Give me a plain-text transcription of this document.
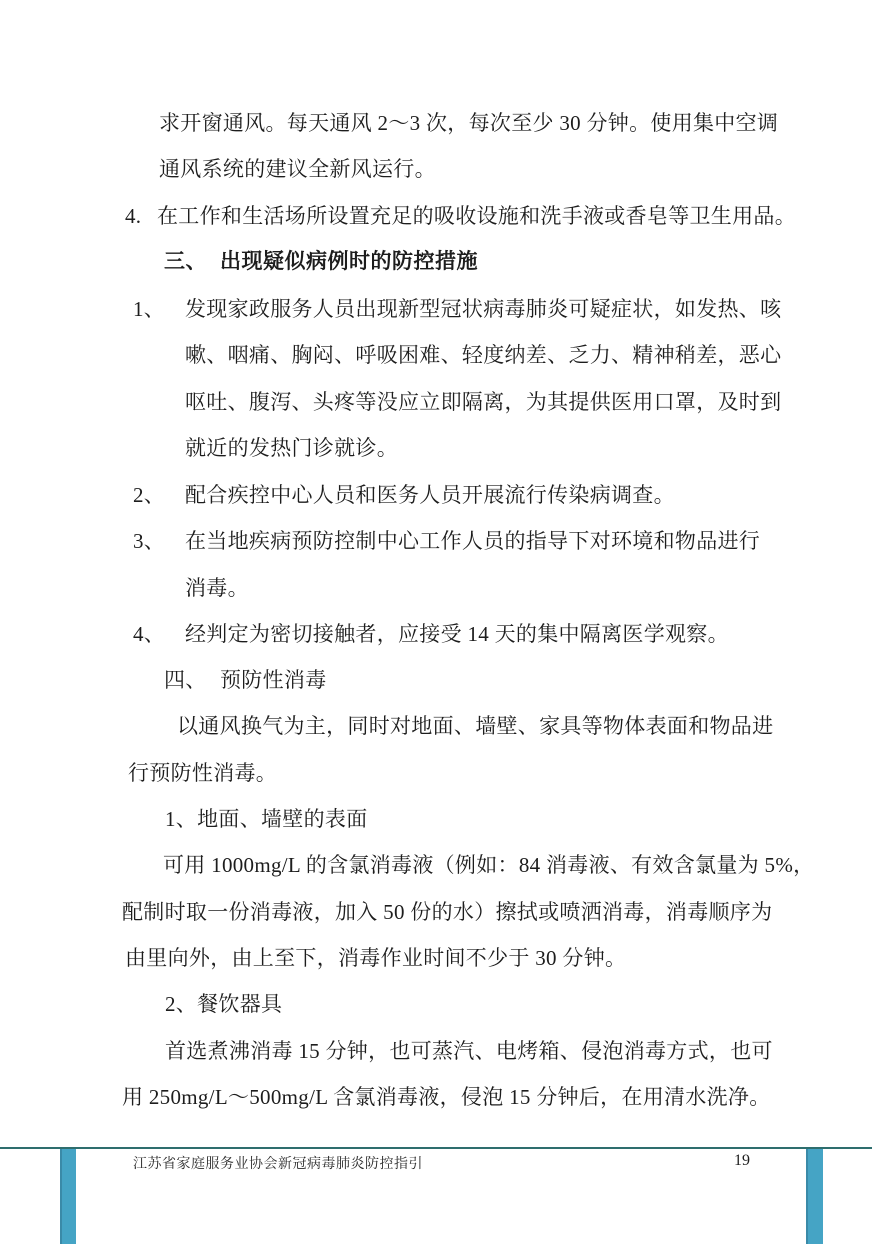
求开窗通风。每天通风 2～3 次，每次至少 30 分钟。使用集中空调
通风系统的建议全新风运行。
4. 在工作和生活场所设置充足的吸收设施和洗手液或香皂等卫生用品。
三、 出现疑似病例时的防控措施
1、 发现家政服务人员出现新型冠状病毒肺炎可疑症状，如发热、咳
嗽、咽痛、胸闷、呼吸困难、轻度纳差、乏力、精神稍差，恶心
呕吐、腹泻、头疼等没应立即隔离，为其提供医用口罩，及时到
就近的发热门诊就诊。
2、 配合疾控中心人员和医务人员开展流行传染病调查。
3、 在当地疾病预防控制中心工作人员的指导下对环境和物品进行
消毒。
4、 经判定为密切接触者，应接受 14 天的集中隔离医学观察。
四、 预防性消毒
以通风换气为主，同时对地面、墙壁、家具等物体表面和物品进
行预防性消毒。
1、地面、墙壁的表面
可用 1000mg/L 的含氯消毒液（例如：84 消毒液、有效含氯量为 5%，
配制时取一份消毒液，加入 50 份的水）擦拭或喷洒消毒，消毒顺序为
由里向外，由上至下，消毒作业时间不少于 30 分钟。
2、餐饮器具
首选煮沸消毒 15 分钟，也可蒸汽、电烤箱、侵泡消毒方式，也可
用 250mg/L～500mg/L 含氯消毒液，侵泡 15 分钟后，在用清水洗净。
江苏省家庭服务业协会新冠病毒肺炎防控指引	19
